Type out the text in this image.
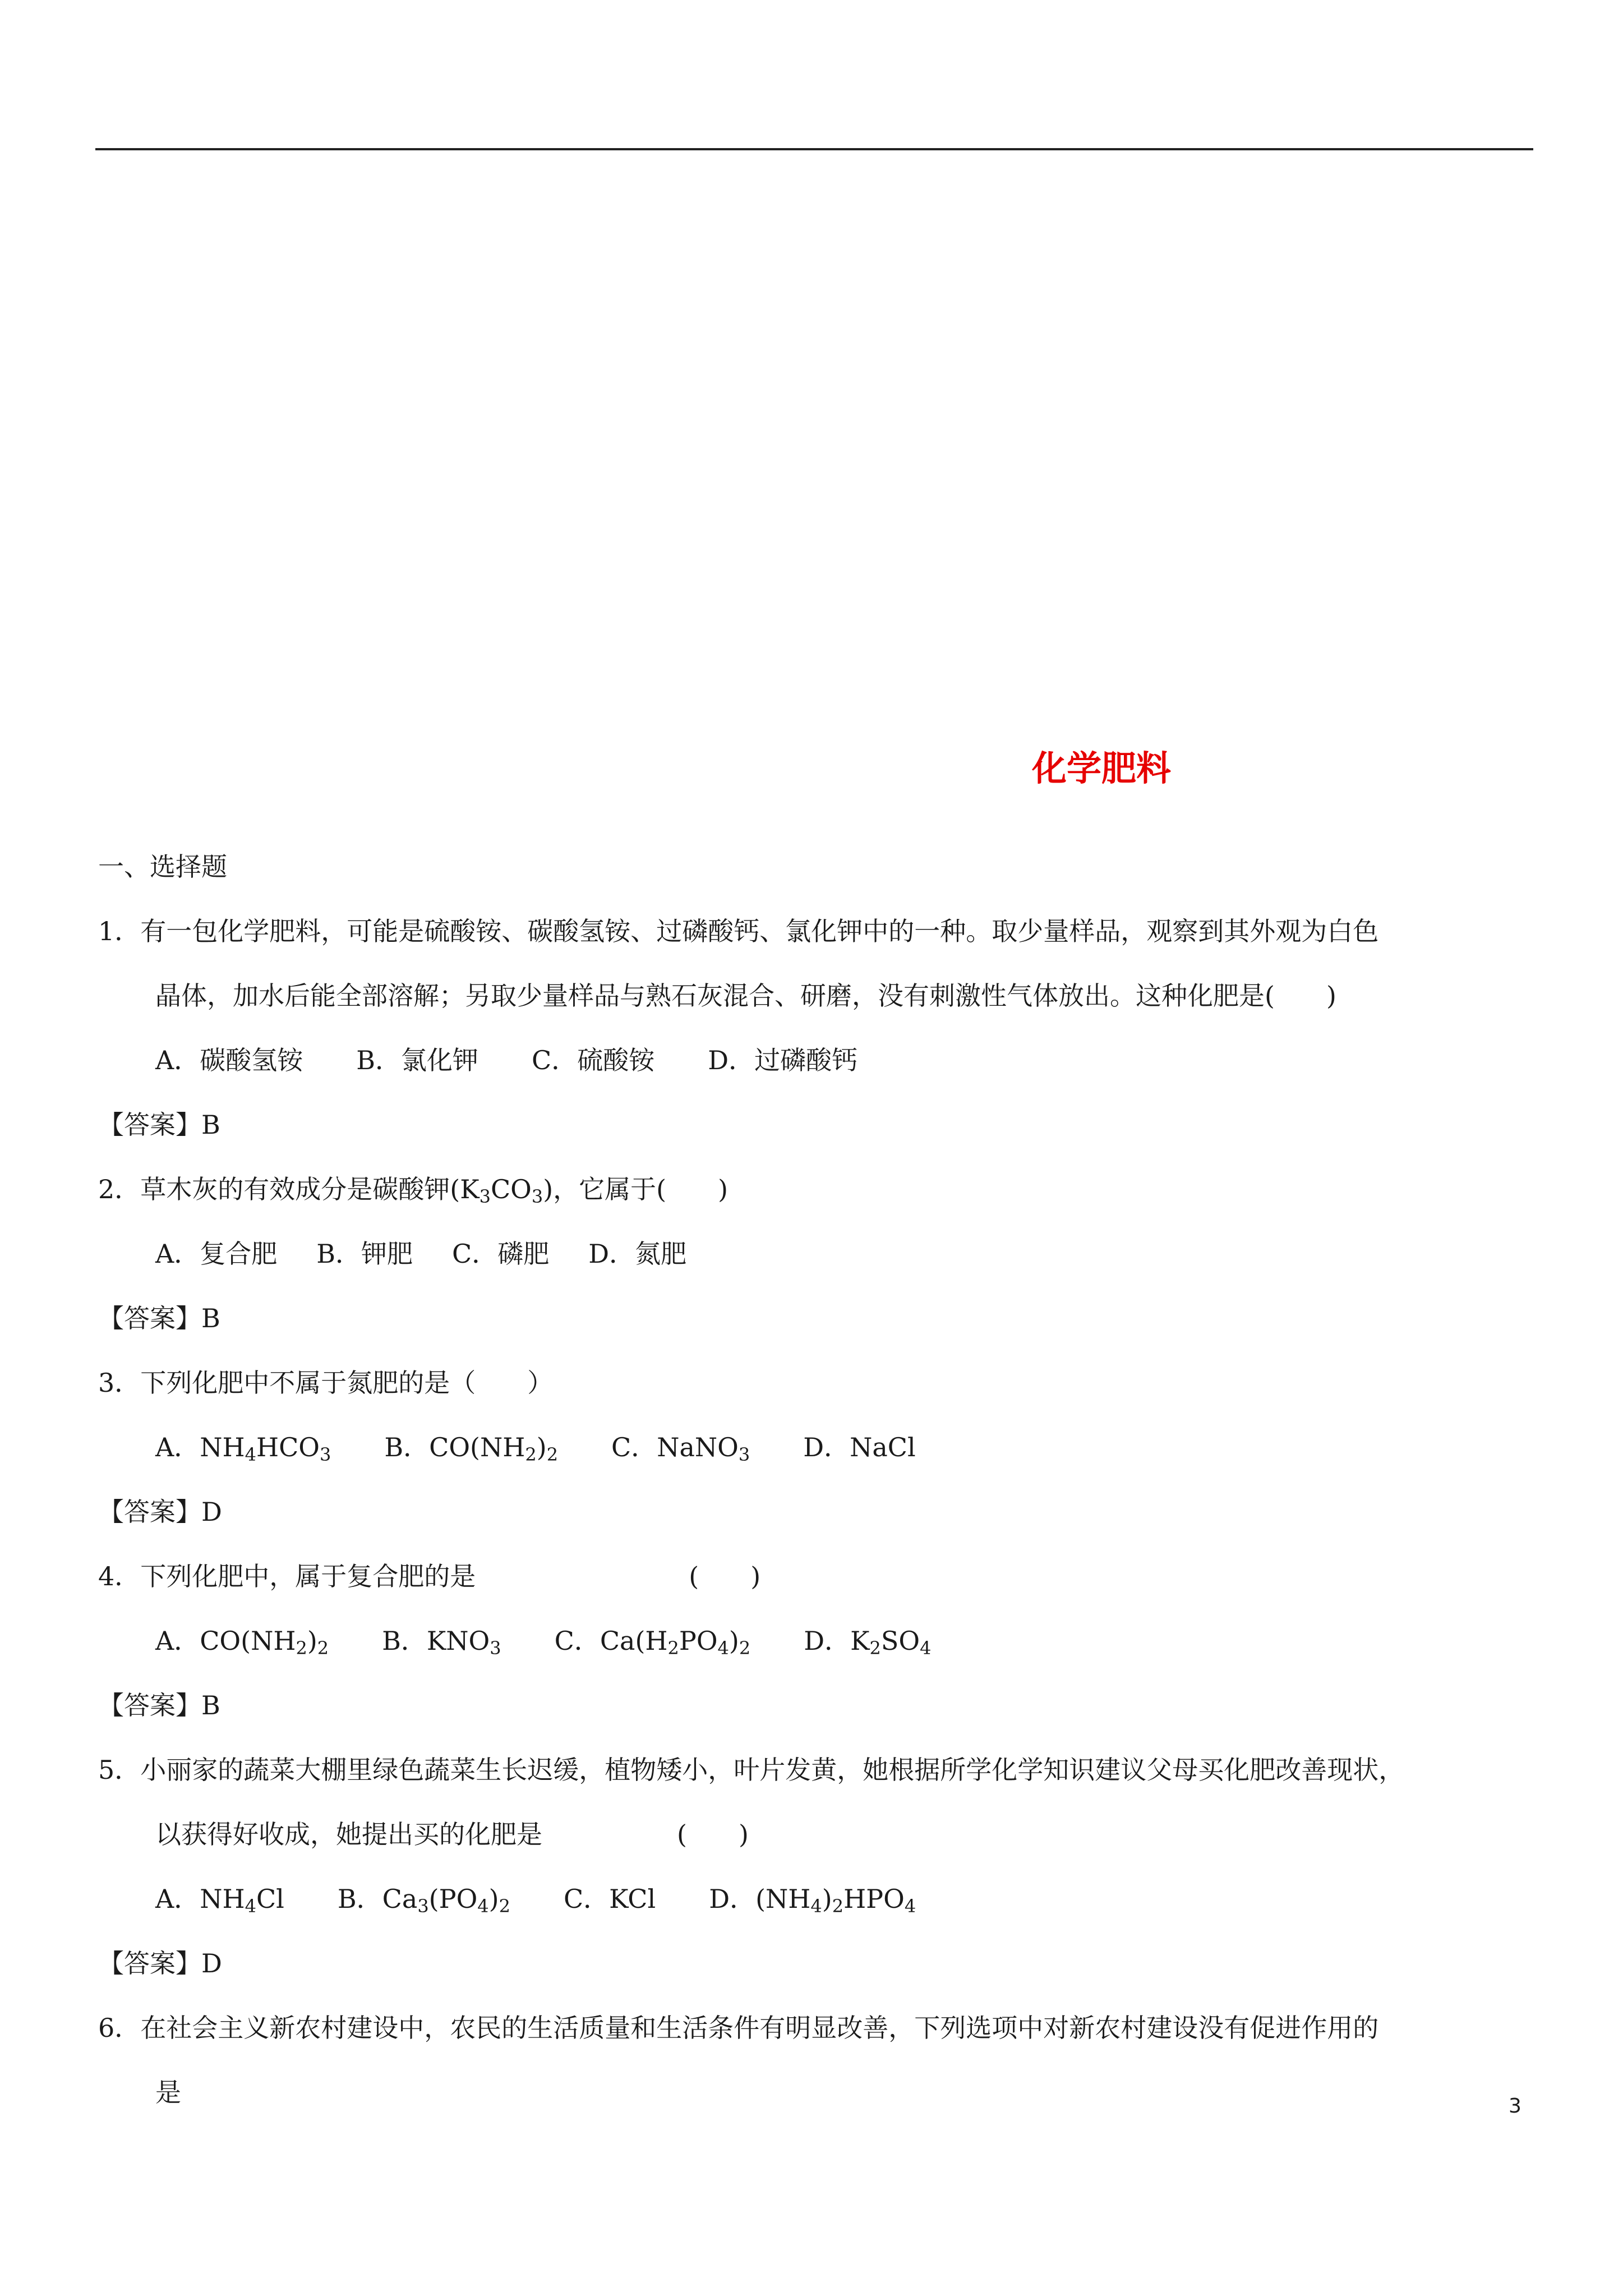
化学肥料
一、选择题
1．有一包化学肥料，可能是硫酸铵、碳酸氢铵、过磷酸钙、氯化钾中的一种。取少量样品，观察到其外观为白色
晶体，加水后能全部溶解；另取少量样品与熟石灰混合、研磨，没有刺激性气体放出。这种化肥是(　　)
A．碳酸氢铵 B．氯化钾 C．硫酸铵 D．过磷酸钙
【答案】B
2．草木灰的有效成分是碳酸钾$(K_3CO_3)$，它属于(　　)
A．复合肥 B．钾肥 C．磷肥 D．氮肥
【答案】B
3．下列化肥中不属于氮肥的是（　　）
A．$NH_4HCO_3$ B．$CO(NH_2)_2$ C．NaNO$_3$ D．NaCl
【答案】D
4．下列化肥中，属于复合肥的是	(　　)
A．$CO(NH_2)_2$ B．$KNO_3$ C．$Ca(H_2PO_4)_2$ D．$K_2SO_4$
【答案】B
5．小丽家的蔬菜大棚里绿色蔬菜生长迟缓，植物矮小，叶片发黄，她根据所学化学知识建议父母买化肥改善现状，
以获得好收成，她提出买的化肥是	(　　)
A．$NH_4Cl$ B．$Ca_3(PO_4)_2$ C．KCl D．$(NH_4)_2HPO_4$
【答案】D
6．在社会主义新农村建设中，农民的生活质量和生活条件有明显改善，下列选项中对新农村建设没有促进作用的
是	3
